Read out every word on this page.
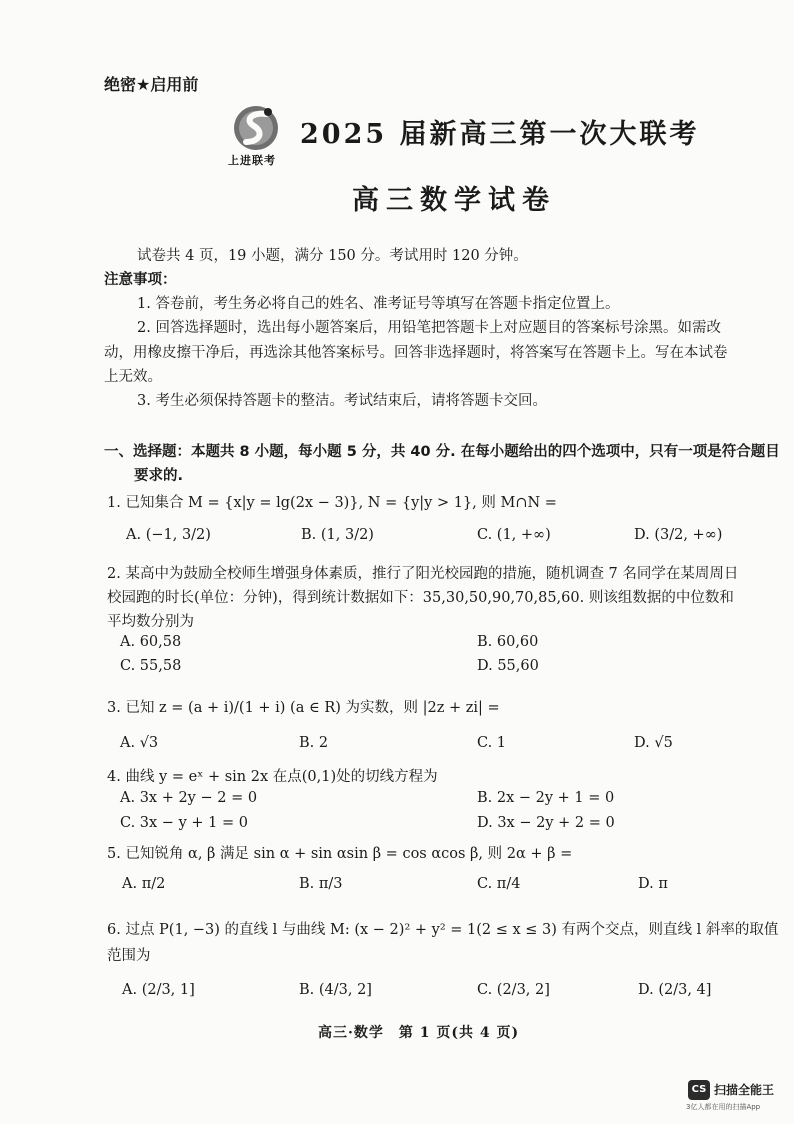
绝密★启用前
上进联考
2025 届新高三第一次大联考
高三数学试卷
试卷共 4 页，19 小题，满分 150 分。考试用时 120 分钟。
注意事项：
1. 答卷前，考生务必将自己的姓名、准考证号等填写在答题卡指定位置上。
2. 回答选择题时，选出每小题答案后，用铅笔把答题卡上对应题目的答案标号涂黑。如需改
动，用橡皮擦干净后，再选涂其他答案标号。回答非选择题时，将答案写在答题卡上。写在本试卷
上无效。
3. 考生必须保持答题卡的整洁。考试结束后，请将答题卡交回。
一、选择题：本题共 8 小题，每小题 5 分，共 40 分. 在每小题给出的四个选项中，只有一项是符合题目
要求的.
1. 已知集合 M = {x|y = lg(2x − 3)}, N = {y|y > 1}, 则 M∩N =
A. (−1, 3/2)	B. (1, 3/2)	C. (1, +∞)	D. (3/2, +∞)
2. 某高中为鼓励全校师生增强身体素质，推行了阳光校园跑的措施，随机调查 7 名同学在某周周日
校园跑的时长(单位：分钟)，得到统计数据如下：35,30,50,90,70,85,60. 则该组数据的中位数和
平均数分别为
A. 60,58	B. 60,60
C. 55,58	D. 55,60
3. 已知 z = (a + i)/(1 + i) (a ∈ R) 为实数，则 |2z + zi| =
A. √3	B. 2	C. 1	D. √5
4. 曲线 y = eˣ + sin 2x 在点(0,1)处的切线方程为
A. 3x + 2y − 2 = 0	B. 2x − 2y + 1 = 0
C. 3x − y + 1 = 0	D. 3x − 2y + 2 = 0
5. 已知锐角 α, β 满足 sin α + sin αsin β = cos αcos β, 则 2α + β =
A. π/2	B. π/3	C. π/4	D. π
6. 过点 P(1, −3) 的直线 l 与曲线 M: (x − 2)² + y² = 1(2 ≤ x ≤ 3) 有两个交点，则直线 l 斜率的取值
范围为
A. (2/3, 1]	B. (4/3, 2]	C. (2/3, 2]	D. (2/3, 4]
高三·数学　第 1 页(共 4 页)
CS 扫描全能王
3亿人都在用的扫描App
